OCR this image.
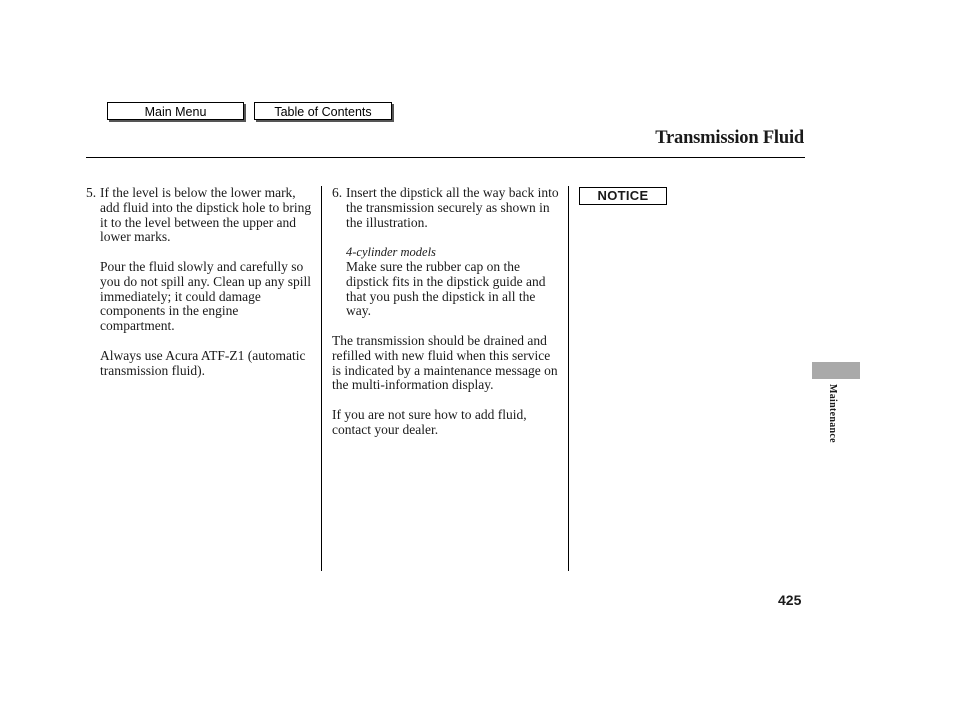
Main Menu	Table of Contents
Transmission Fluid

5. If the level is below the lower mark, add fluid into the dipstick hole to bring it to the level between the upper and lower marks.

Pour the fluid slowly and carefully so you do not spill any. Clean up any spill immediately; it could damage components in the engine compartment.

Always use Acura ATF-Z1 (automatic transmission fluid).

6. Insert the dipstick all the way back into the transmission securely as shown in the illustration.

4-cylinder models

Make sure the rubber cap on the dipstick fits in the dipstick guide and that you push the dipstick in all the way.

The transmission should be drained and refilled with new fluid when this service is indicated by a maintenance message on the multi-information display.

If you are not sure how to add fluid, contact your dealer.

NOTICE
Maintenance
425
